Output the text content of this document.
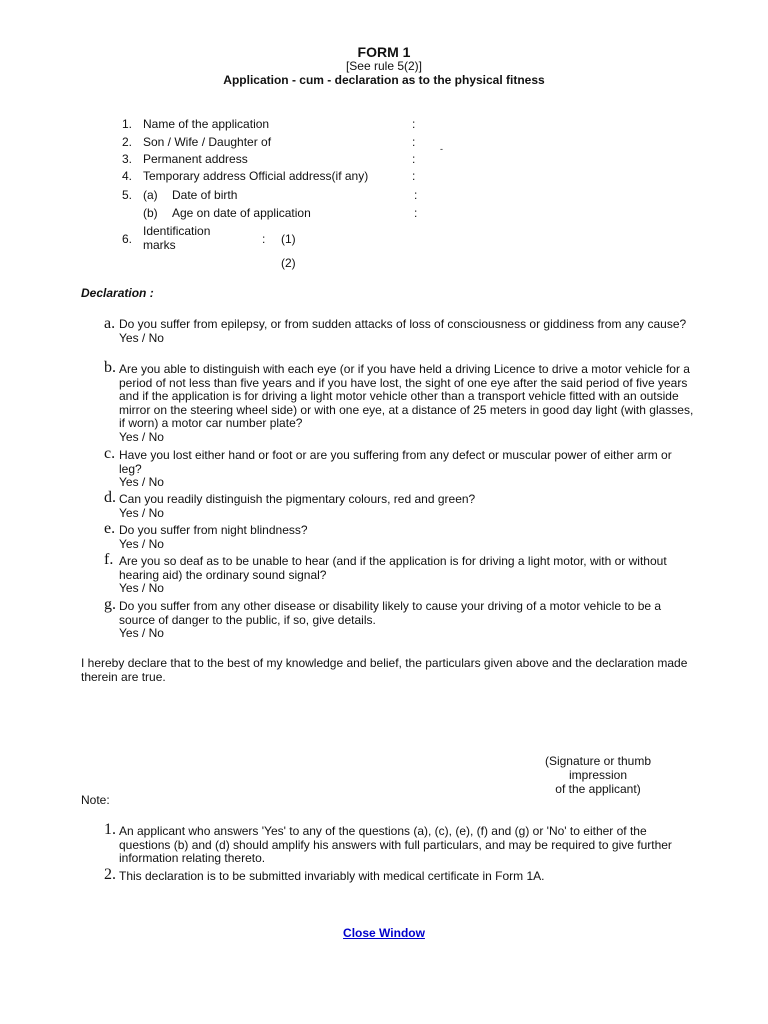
FORM 1
[See rule 5(2)]
Application - cum - declaration as to the physical fitness
1. Name of the application	:
2. Son / Wife / Daughter of	:
3. Permanent address	:
-
4. Temporary address Official address(if any)	:
5. (a) Date of birth	:
(b) Age on date of application	:
6.
Identification marks	: (1)
(2)
Declaration :
a. Do you suffer from epilepsy, or from sudden attacks of loss of consciousness or giddiness from any cause?
Yes / No
b. Are you able to distinguish with each eye (or if you have held a driving Licence to drive a motor vehicle for a period of not less than five years and if you have lost, the sight of one eye after the said period of five years and if the application is for driving a light motor vehicle other than a transport vehicle fitted with an outside mirror on the steering wheel side) or with one eye, at a distance of 25 meters in good day light (with glasses, if worn) a motor car number plate?
Yes / No
c. Have you lost either hand or foot or are you suffering from any defect or muscular power of either arm or leg?
Yes / No
d. Can you readily distinguish the pigmentary colours, red and green?
Yes / No
e. Do you suffer from night blindness?
Yes / No
f. Are you so deaf as to be unable to hear (and if the application is for driving a light motor, with or without hearing aid) the ordinary sound signal?
Yes / No
g. Do you suffer from any other disease or disability likely to cause your driving of a motor vehicle to be a source of danger to the public, if so, give details.
Yes / No
I hereby declare that to the best of my knowledge and belief, the particulars given above and the declaration made therein are true.
(Signature or thumb
impression
of the applicant)
Note:
1. An applicant who answers 'Yes' to any of the questions (a), (c), (e), (f) and (g) or 'No' to either of the questions (b) and (d) should amplify his answers with full particulars, and may be required to give further information relating thereto.
2. This declaration is to be submitted invariably with medical certificate in Form 1A.
Close Window
